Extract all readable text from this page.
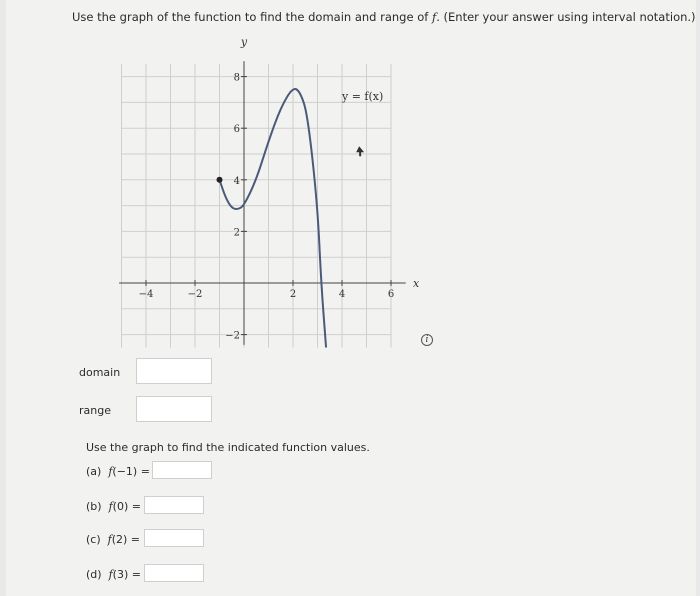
Use the graph of the function to find the domain and range of f. (Enter your answer using interval notation.)
−4	−2	2	4	6
8
6
4
2
−2
x
y
y = f(x)
i
domain
range
Use the graph to find the indicated function values.
(a) f(−1) =
(b) f(0) =
(c) f(2) =
(d) f(3) =
